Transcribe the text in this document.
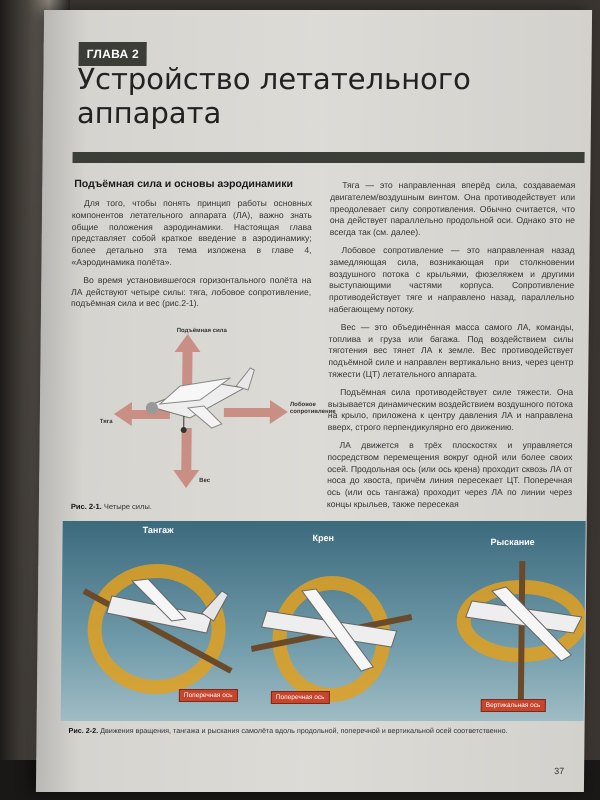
ГЛАВА 2
Устройство летательного аппарата
Подъёмная сила и основы аэродинамики

Для того, чтобы понять принцип работы основных компонентов летательного аппарата (ЛА), важно знать общие положения аэродинамики. Настоящая глава представляет собой краткое введение в аэродинамику; более детально эта тема изложена в главе 4, «Аэродинамика полёта».

Во время установившегося горизонтального полёта на ЛА действуют четыре силы: тяга, лобовое сопротивление, подъёмная сила и вес (рис.2-1).

Подъёмная сила
Лобовое сопротивление
Тяга
Вес
Рис. 2-1. Четыре силы.

Тяга — это направленная вперёд сила, создаваемая двигателем/воздушным винтом. Она противодействует или преодолевает силу сопротивления. Обычно считается, что она действует параллельно продольной оси. Однако это не всегда так (см. далее).

Лобовое сопротивление — это направленная назад замедляющая сила, возникающая при столкновении воздушного потока с крыльями, фюзеляжем и другими выступающими частями корпуса. Сопротивление противодействует тяге и направлено назад, параллельно набегающему потоку.

Вес — это объединённая масса самого ЛА, команды, топлива и груза или багажа. Под воздействием силы тяготения вес тянет ЛА к земле. Вес противодействует подъёмной силе и направлен вертикально вниз, через центр тяжести (ЦТ) летательного аппарата.

Подъёмная сила противодействует силе тяжести. Она вызывается динамическим воздействием воздушного потока на крыло, приложена к центру давления ЛА и направлена вверх, строго перпендикулярно его движению.

ЛА движется в трёх плоскостях и управляется посредством перемещения вокруг одной или более своих осей. Продольная ось (или ось крена) проходит сквозь ЛА от носа до хвоста, причём линия пересекает ЦТ. Поперечная ось (или ось тангажа) проходит через ЛА по линии через концы крыльев, также пересекая

Тангаж
Крен	Рыскание
Поперечная ось	Поперечная ось
Вертикальная ось
Рис. 2-2. Движения вращения, тангажа и рыскания самолёта вдоль продольной, поперечной и вертикальной осей соответственно.
37
